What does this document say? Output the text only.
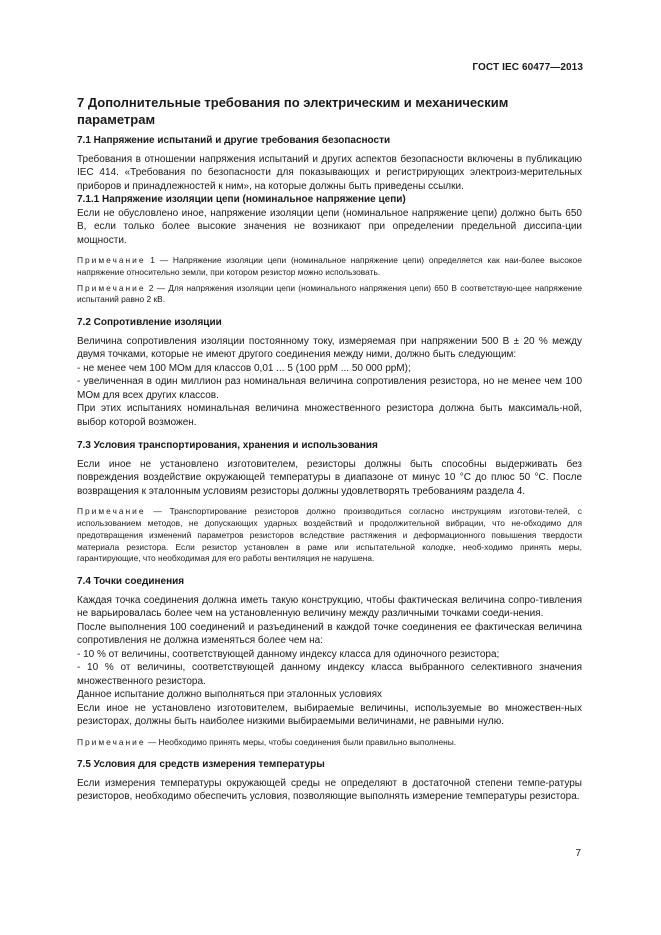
ГОСТ IEC 60477—2013
7 Дополнительные требования по электрическим и механическим параметрам
7.1 Напряжение испытаний и другие требования безопасности
Требования в отношении напряжения испытаний и других аспектов безопасности включены в публикацию IEC 414. «Требования по безопасности для показывающих и регистрирующих электроиз-мерительных приборов и принадлежностей к ним», на которые должны быть приведены ссылки.
7.1.1 Напряжение изоляции цепи (номинальное напряжение цепи)
Если не обусловлено иное, напряжение изоляции цепи (номинальное напряжение цепи) должно быть 650 В, если только более высокие значения не возникают при определении предельной диссипа-ции мощности.
Примечание 1 — Напряжение изоляции цепи (номинальное напряжение цепи) определяется как наи-более высокое напряжение относительно земли, при котором резистор можно использовать.
Примечание 2 — Для напряжения изоляции цепи (номинального напряжения цепи) 650 В соответствую-щее напряжение испытаний равно 2 кВ.
7.2 Сопротивление изоляции
Величина сопротивления изоляции постоянному току, измеряемая при напряжении 500 В ± 20 % между двумя точками, которые не имеют другого соединения между ними, должно быть следующим:
- не менее чем 100 МОм для классов 0,01 ... 5 (100 ppM ... 50 000 ppM);
- увеличенная в один миллион раз номинальная величина сопротивления резистора, но не менее чем 100 МОм для всех других классов.
При этих испытаниях номинальная величина множественного резистора должна быть максималь-ной, выбор которой возможен.
7.3 Условия транспортирования, хранения и использования
Если иное не установлено изготовителем, резисторы должны быть способны выдерживать без повреждения воздействие окружающей температуры в диапазоне от минус 10 °С до плюс 50 °С. После возвращения к эталонным условиям резисторы должны удовлетворять требованиям раздела 4.
Примечание — Транспортирование резисторов должно производиться согласно инструкциям изготови-телей, с использованием методов, не допускающих ударных воздействий и продолжительной вибрации, что не-обходимо для предотвращения изменений параметров резисторов вследствие растяжения и деформационного повышения твердости материала резистора. Если резистор установлен в раме или испытательной колодке, необ-ходимо принять меры, гарантирующие, что необходимая для его работы вентиляция не нарушена.
7.4 Точки соединения
Каждая точка соединения должна иметь такую конструкцию, чтобы фактическая величина сопро-тивления не варьировалась более чем на установленную величину между различными точками соеди-нения.
После выполнения 100 соединений и разъединений в каждой точке соединения ее фактическая величина сопротивления не должна изменяться более чем на:
- 10 % от величины, соответствующей данному индексу класса для одиночного резистора;
- 10 % от величины, соответствующей данному индексу класса выбранного селективного значения множественного резистора.
Данное испытание должно выполняться при эталонных условиях
Если иное не установлено изготовителем, выбираемые величины, используемые во множествен-ных резисторах, должны быть наиболее низкими выбираемыми величинами, не равными нулю.
Примечание — Необходимо принять меры, чтобы соединения были правильно выполнены.
7.5 Условия для средств измерения температуры
Если измерения температуры окружающей среды не определяют в достаточной степени темпе-ратуры резисторов, необходимо обеспечить условия, позволяющие выполнять измерение температуры резистора.
7
